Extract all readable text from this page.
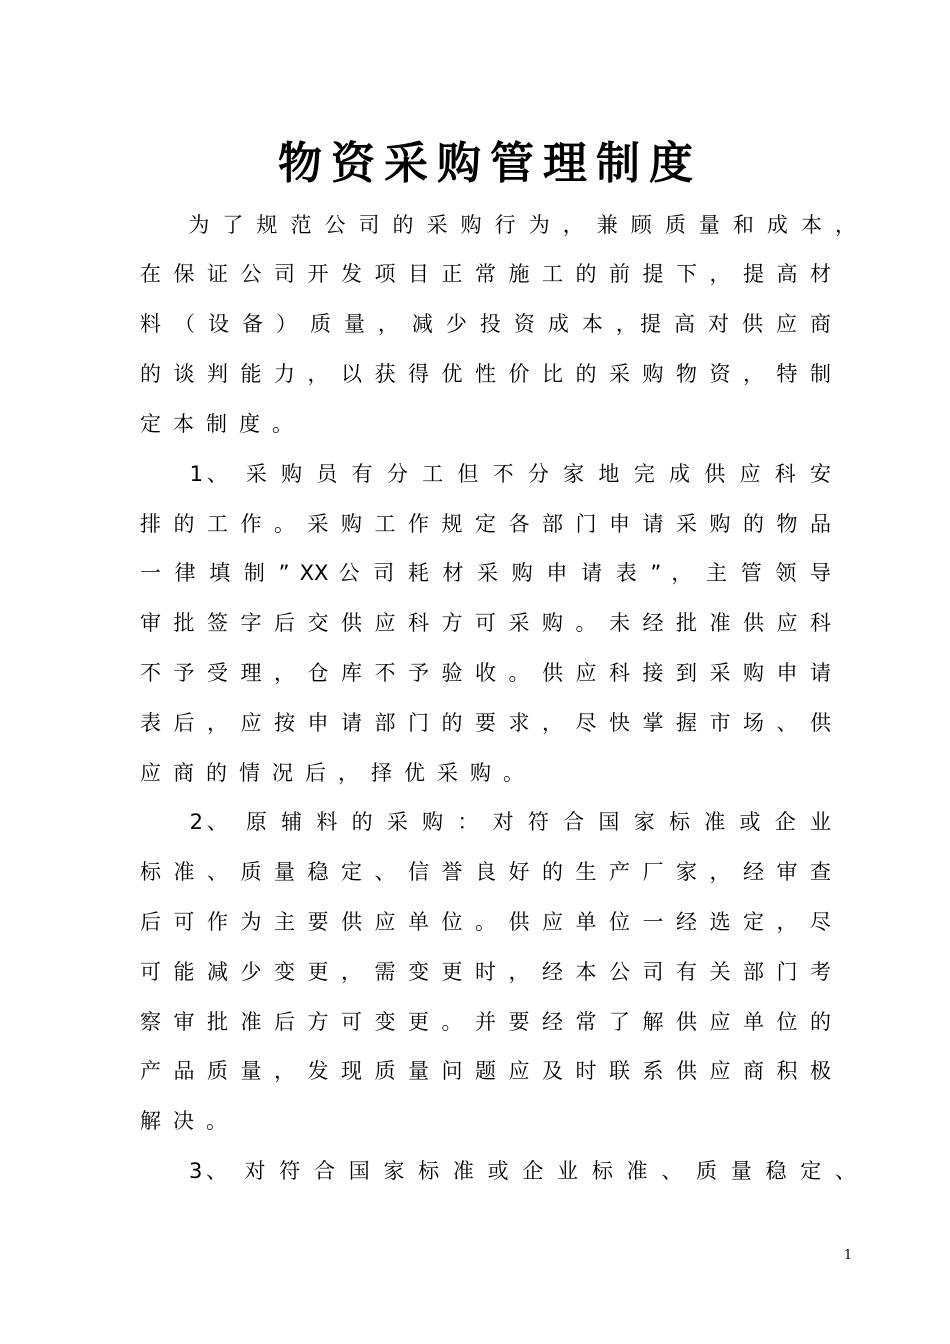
物资采购管理制度
　　为 了 规 范 公 司 的 采 购 行 为 ， 兼 顾 质 量 和 成 本 ，
在 保 证 公 司 开 发 项 目 正 常 施 工 的 前 提 下 ， 提 高 材
料 （ 设 备 ） 质 量 ， 减 少 投 资 成 本 ，提 高 对 供 应 商
的 谈 判 能 力 ， 以 获 得 优 性 价 比 的 采 购 物 资 ， 特 制
定本制度。
　　1、　采 购 员 有 分 工 但 不 分 家 地 完 成 供 应 科 安
排 的 工 作 。 采 购 工 作 规 定 各 部 门 申 请 采 购 的 物 品
一 律 填 制 ” XX 公 司 耗 材 采 购 申 请 表 ” ， 主 管 领 导
审 批 签 字 后 交 供 应 科 方 可 采 购 。 未 经 批 准 供 应 科
不 予 受 理 ， 仓 库 不 予 验 收 。 供 应 科 接 到 采 购 申 请
表 后 ， 应 按 申 请 部 门 的 要 求 ， 尽 快 掌 握 市 场 、 供
应商的情况后，择优采购。
　　2、　原 辅 料 的 采 购 ： 对 符 合 国 家 标 准 或 企 业
标 准 、 质 量 稳 定 、 信 誉 良 好 的 生 产 厂 家 ， 经 审 查
后 可 作 为 主 要 供 应 单 位 。 供 应 单 位 一 经 选 定 ， 尽
可 能 减 少 变 更 ， 需 变 更 时 ， 经 本 公 司 有 关 部 门 考
察 审 批 准 后 方 可 变 更 。 并 要 经 常 了 解 供 应 单 位 的
产 品 质 量 ， 发 现 质 量 问 题 应 及 时 联 系 供 应 商 积 极
解决。
　　3、　对 符 合 国 家 标 准 或 企 业 标 准 、 质 量 稳 定 、
1
